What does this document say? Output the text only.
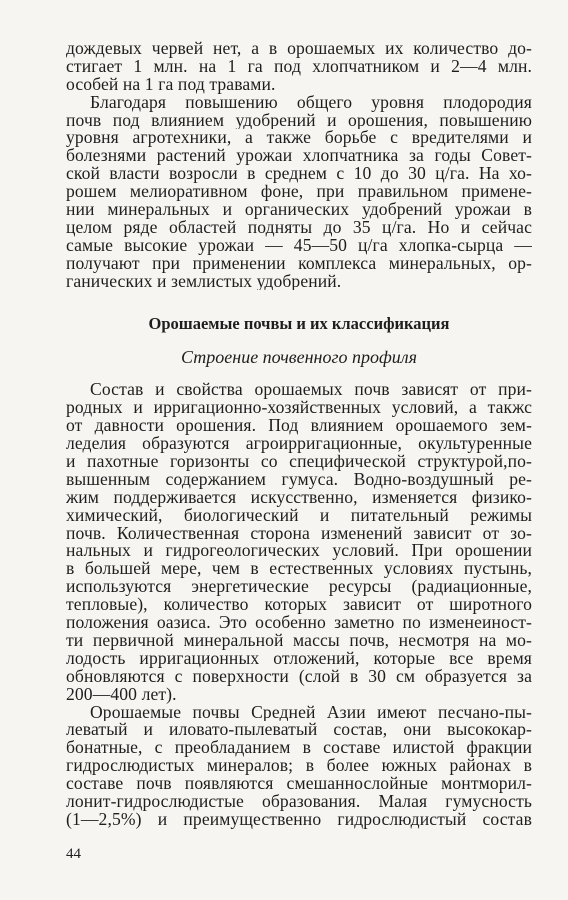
дождевых червей нет, а в орошаемых их количество до-
стигает 1 млн. на 1 га под хлопчатником и 2—4 млн.
особей на 1 га под травами.
Благодаря повышению общего уровня плодородия
почв под влиянием удобрений и орошения, повышению
уровня агротехники, а также борьбе с вредителями и
болезнями растений урожаи хлопчатника за годы Совет-
ской власти возросли в среднем с 10 до 30 ц/га. На хо-
рошем мелиоративном фоне, при правильном примене-
нии минеральных и органических удобрений урожаи в
целом ряде областей подняты до 35 ц/га. Но и сейчас
самые высокие урожаи — 45—50 ц/га хлопка-сырца —
получают при применении комплекса минеральных, ор-
ганических и землистых удобрений.
Орошаемые почвы и их классификация
Строение почвенного профиля
Состав и свойства орошаемых почв зависят от при-
родных и ирригационно-хозяйственных условий, а такжс
от давности орошения. Под влиянием орошаемого зем-
леделия образуются агроирригационные, окультуренные
и пахотные горизонты со специфической структурой,по-
вышенным содержанием гумуса. Водно-воздушный ре-
жим поддерживается искусственно, изменяется физико-
химический, биологический и питательный режимы
почв. Количественная сторона изменений зависит от зо-
нальных и гидрогеологических условий. При орошении
в большей мере, чем в естественных условиях пустынь,
используются энергетические ресурсы (радиационные,
тепловые), количество которых зависит от широтного
положения оазиса. Это особенно заметно по изменеиност-
ти первичной минеральной массы почв, несмотря на мо-
лодость ирригационных отложений, которые все время
обновляются с поверхности (слой в 30 см образуется за
200—400 лет).
Орошаемые почвы Средней Азии имеют песчано-пы-
леватый и иловато-пылеватый состав, они высококар-
бонатные, с преобладанием в составе илистой фракции
гидрослюдистых минералов; в более южных районах в
составе почв появляются смешаннослойные монтморил-
лонит-гидрослюдистые образования. Малая гумусность
(1—2,5%) и преимущественно гидрослюдистый состав
44
